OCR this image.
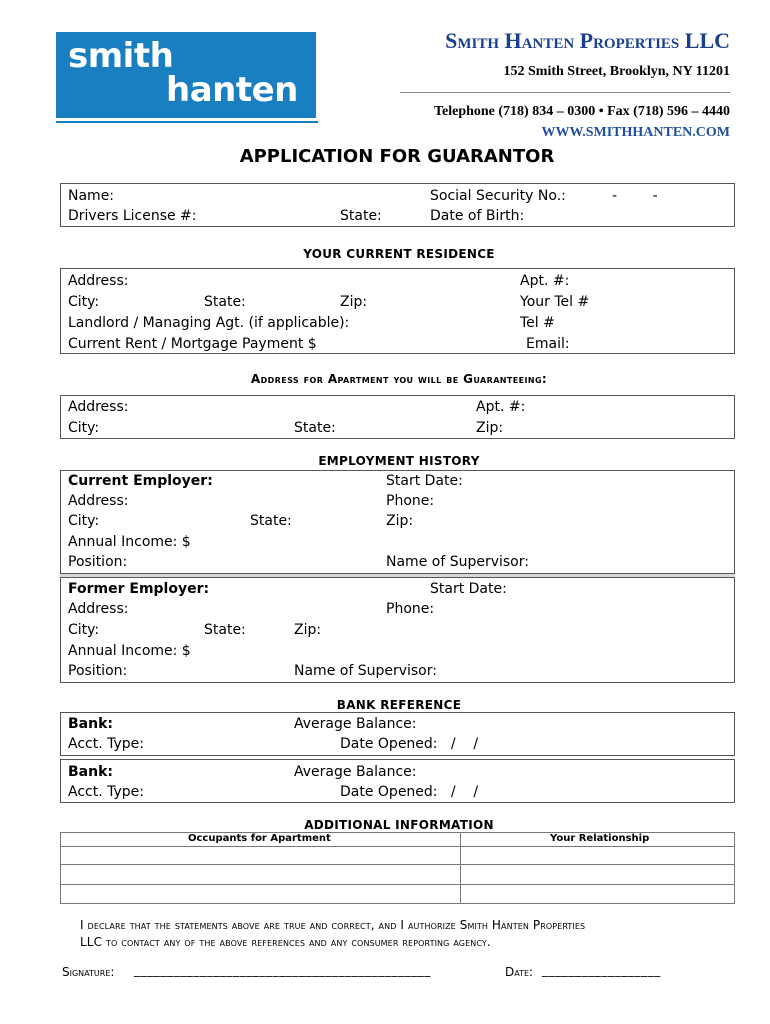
smith
hanten
Smith Hanten Properties LLC
152 Smith Street, Brooklyn, NY 11201
Telephone (718) 834 – 0300 • Fax (718) 596 – 4440
WWW.SMITHHANTEN.COM
APPLICATION FOR GUARANTOR
Name:	Social Security No.:	-        -
Drivers License #:	State:	Date of Birth:
YOUR CURRENT RESIDENCE
Address:	Apt. #:
City:	State:	Zip:	Your Tel #
Landlord / Managing Agt. (if applicable):	Tel #
Current Rent / Mortgage Payment $	Email:
Address for Apartment you will be Guaranteeing:
Address:	Apt. #:
City:	State:	Zip:
EMPLOYMENT HISTORY
Current Employer:	Start Date:
Address:	Phone:
City:	State:	Zip:
Annual Income: $
Position:	Name of Supervisor:
Former Employer:	Start Date:
Address:	Phone:
City:	State:	Zip:
Annual Income: $
Position:	Name of Supervisor:
BANK REFERENCE
Bank:	Average Balance:
Acct. Type:	Date Opened:   /    /
Bank:	Average Balance:
Acct. Type:	Date Opened:   /    /
ADDITIONAL INFORMATION
Occupants for Apartment	Your Relationship
I declare that the statements above are true and correct, and I authorize Smith Hanten Properties
LLC to contact any of the above references and any consumer reporting agency.
Signature: _____________________________________________	Date: __________________
